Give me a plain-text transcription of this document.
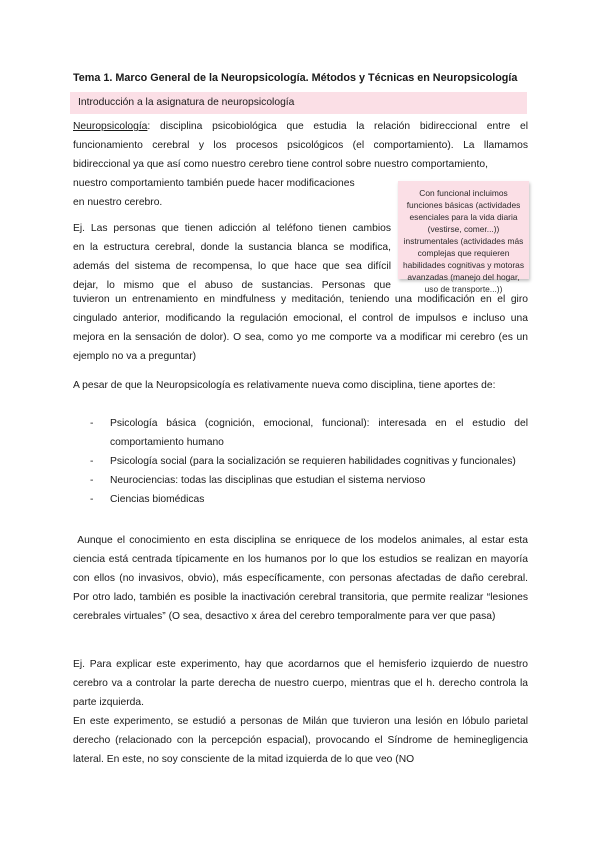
Tema 1. Marco General de la Neuropsicología. Métodos y Técnicas en Neuropsicología
Introducción a la asignatura de neuropsicología
Neuropsicología: disciplina psicobiológica que estudia la relación bidireccional entre el funcionamiento cerebral y los procesos psicológicos (el comportamiento). La llamamos bidireccional ya que así como nuestro cerebro tiene control sobre nuestro comportamiento,
nuestro comportamiento también puede hacer modificaciones
en nuestro cerebro.
Con funcional incluimos funciones básicas (actividades esenciales para la vida diaria (vestirse, comer...)) instrumentales (actividades más complejas que requieren habilidades cognitivas y motoras avanzadas (manejo del hogar, uso de transporte...))
Ej. Las personas que tienen adicción al teléfono tienen cambios
en la estructura cerebral, donde la sustancia blanca se modifica,
además del sistema de recompensa, lo que hace que sea difícil
dejar, lo mismo que el abuso de sustancias. Personas que
tuvieron un entrenamiento en mindfulness y meditación, teniendo una modificación en el giro cingulado anterior, modificando la regulación emocional, el control de impulsos e incluso una mejora en la sensación de dolor). O sea, como yo me comporte va a modificar mi cerebro (es un ejemplo no va a preguntar)
A pesar de que la Neuropsicología es relativamente nueva como disciplina, tiene aportes de:
- Psicología básica (cognición, emocional, funcional): interesada en el estudio del comportamiento humano
- Psicología social (para la socialización se requieren habilidades cognitivas y funcionales)
- Neurociencias: todas las disciplinas que estudian el sistema nervioso
- Ciencias biomédicas
Aunque el conocimiento en esta disciplina se enriquece de los modelos animales, al estar esta ciencia está centrada típicamente en los humanos por lo que los estudios se realizan en mayoría con ellos (no invasivos, obvio), más específicamente, con personas afectadas de daño cerebral. Por otro lado, también es posible la inactivación cerebral transitoria, que permite realizar “lesiones cerebrales virtuales” (O sea, desactivo x área del cerebro temporalmente para ver que pasa)
Ej. Para explicar este experimento, hay que acordarnos que el hemisferio izquierdo de nuestro cerebro va a controlar la parte derecha de nuestro cuerpo, mientras que el h. derecho controla la parte izquierda.
En este experimento, se estudió a personas de Milán que tuvieron una lesión en lóbulo parietal derecho (relacionado con la percepción espacial), provocando el Síndrome de heminegligencia lateral. En este, no soy consciente de la mitad izquierda de lo que veo (NO
